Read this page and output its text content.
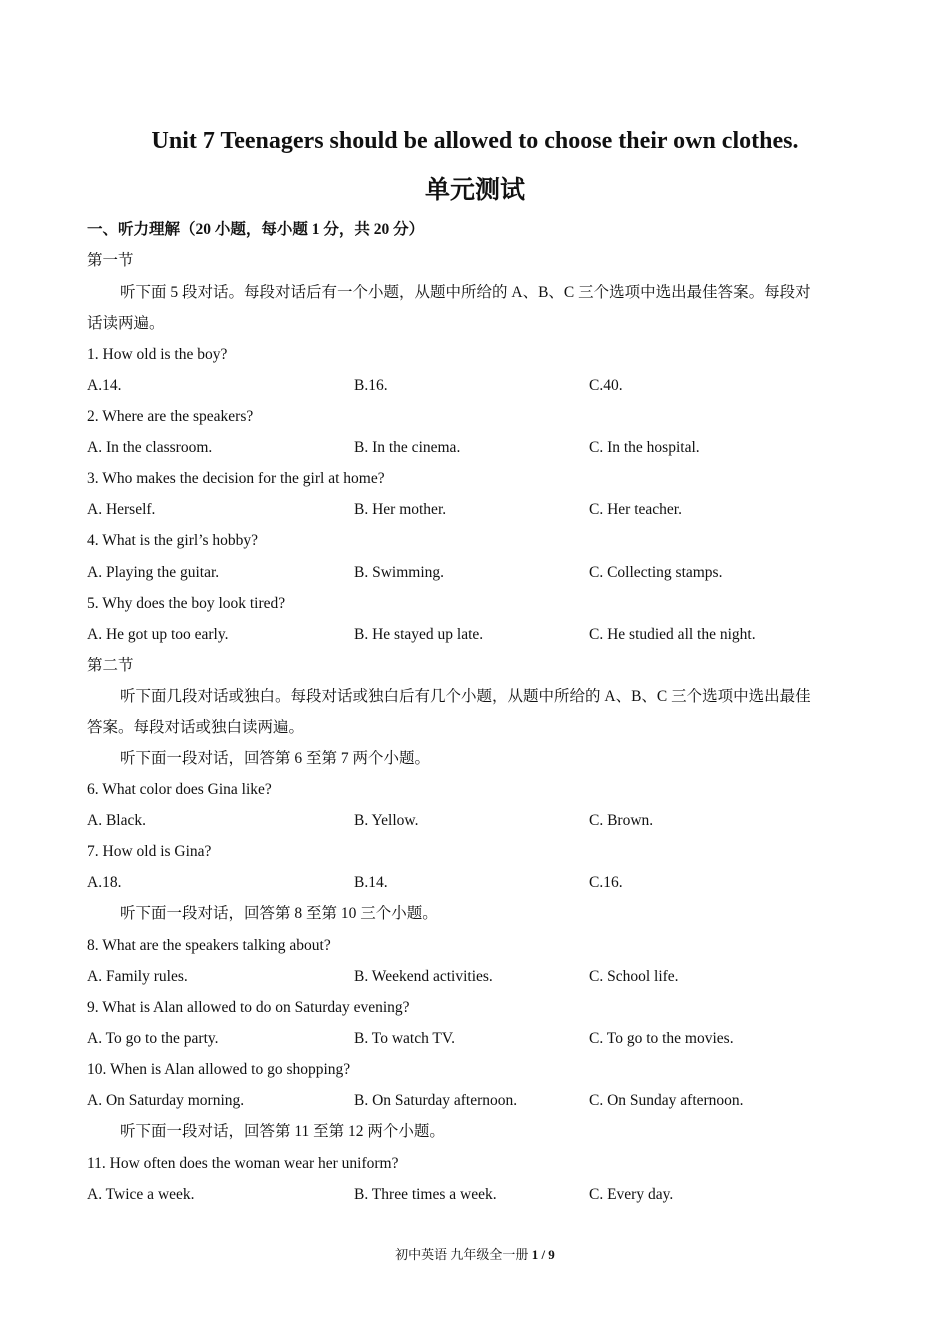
Unit 7 Teenagers should be allowed to choose their own clothes.
单元测试
一、听力理解（20 小题，每小题 1 分，共 20 分）
第一节
听下面 5 段对话。每段对话后有一个小题，从题中所给的 A、B、C 三个选项中选出最佳答案。每段对
话读两遍。
1. How old is the boy?
A.14.	B.16.	C.40.
2. Where are the speakers?
A. In the classroom.	B. In the cinema.	C. In the hospital.
3. Who makes the decision for the girl at home?
A. Herself.	B. Her mother.	C. Her teacher.
4. What is the girl’s hobby?
A. Playing the guitar.	B. Swimming.	C. Collecting stamps.
5. Why does the boy look tired?
A. He got up too early.	B. He stayed up late.	C. He studied all the night.
第二节
听下面几段对话或独白。每段对话或独白后有几个小题，从题中所给的 A、B、C 三个选项中选出最佳
答案。每段对话或独白读两遍。
听下面一段对话，回答第 6 至第 7 两个小题。
6. What color does Gina like?
A. Black.	B. Yellow.	C. Brown.
7. How old is Gina?
A.18.	B.14.	C.16.
听下面一段对话，回答第 8 至第 10 三个小题。
8. What are the speakers talking about?
A. Family rules.	B. Weekend activities.	C. School life.
9. What is Alan allowed to do on Saturday evening?
A. To go to the party.	B. To watch TV.	C. To go to the movies.
10. When is Alan allowed to go shopping?
A. On Saturday morning.	B. On Saturday afternoon.	C. On Sunday afternoon.
听下面一段对话，回答第 11 至第 12 两个小题。
11. How often does the woman wear her uniform?
A. Twice a week.	B. Three times a week.	C. Every day.
初中英语 九年级全一册 1 / 9
